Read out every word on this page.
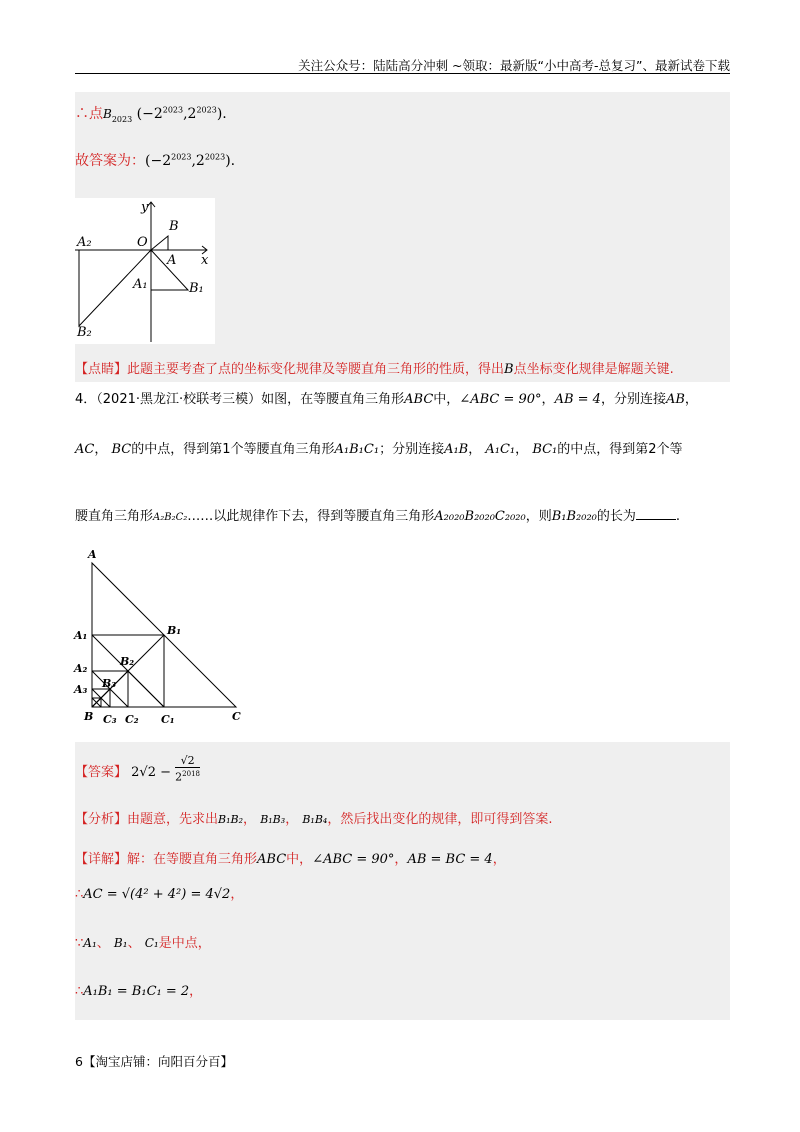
关注公众号：陆陆高分冲刺 ~领取：最新版“小中高考-总复习”、最新试卷下载
∴点$B_{2023}$ $(-2^{2023},2^{2023})$.
故答案为：$(-2^{2023},2^{2023})$.
y
B
A₂	O
A x
A₁	B₁
B₂
【点睛】此题主要考查了点的坐标变化规律及等腰直角三角形的性质，得出B点坐标变化规律是解题关键.
4．（2021·黑龙江·校联考三模）如图，在等腰直角三角形ABC中，∠ABC = 90°，AB = 4，分别连接AB，
AC， BC的中点，得到第1个等腰直角三角形A₁B₁C₁；分别连接A₁B， A₁C₁， BC₁的中点，得到第2个等
腰直角三角形A₂B₂C₂……以此规律作下去，得到等腰直角三角形A₂₀₂₀B₂₀₂₀C₂₀₂₀，则B₁B₂₀₂₀的长为	.
A
A₁	B₁
A₂
B₂
B₃
A₃
B C₃ C₂ C₁	C
【答案】 $2√2 - \frac{√2}{2^{2018}}$
【分析】由题意，先求出B₁B₂， B₁B₃， B₁B₄，然后找出变化的规律，即可得到答案.
【详解】解：在等腰直角三角形ABC中，∠ABC = 90°，AB = BC = 4，
∴AC = √(4² + 4²) = 4√2，
∵A₁、 B₁、 C₁是中点，
∴A₁B₁ = B₁C₁ = 2，
6【淘宝店铺：向阳百分百】
